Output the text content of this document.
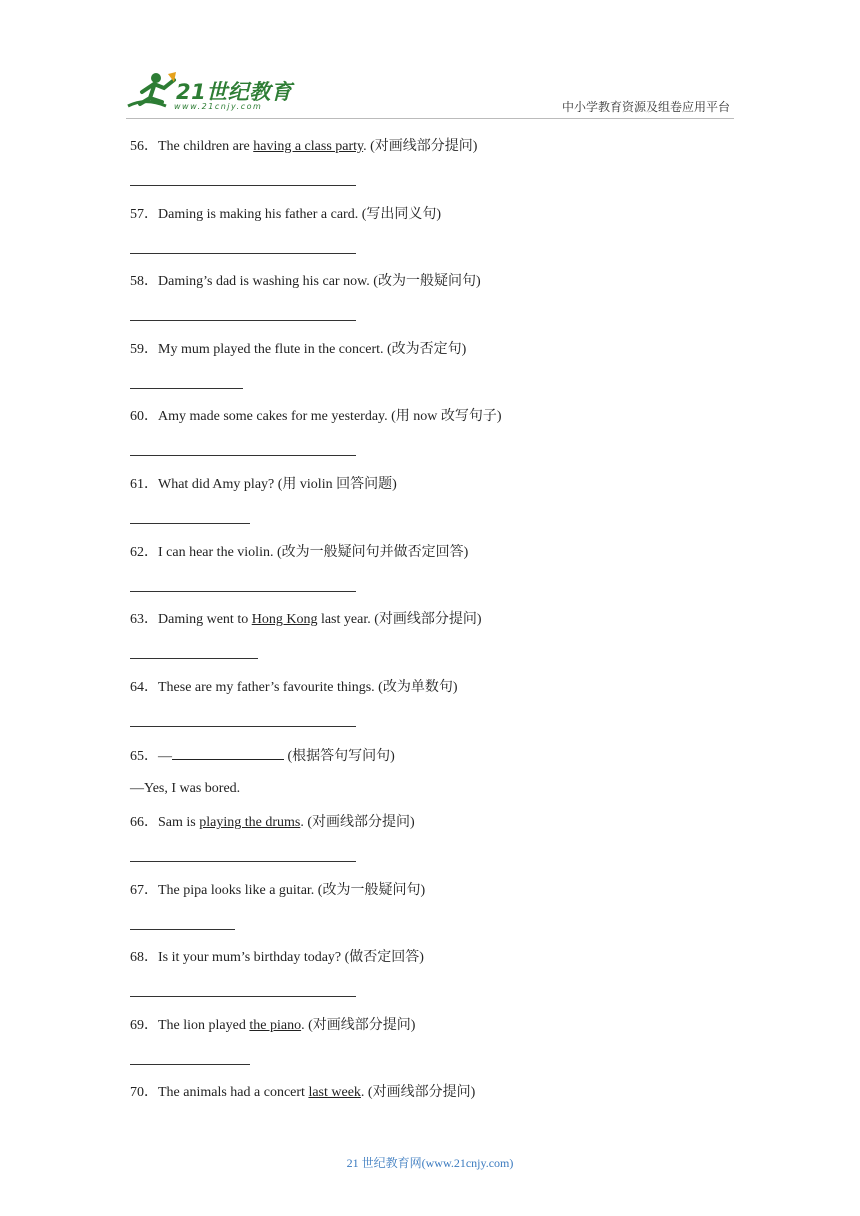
21世纪教育
www.21cnjy.com	中小学教育资源及组卷应用平台
56．The children are having a class party. (对画线部分提问)
57．Daming is making his father a card. (写出同义句)
58．Daming’s dad is washing his car now. (改为一般疑问句)
59．My mum played the flute in the concert. (改为否定句)
60．Amy made some cakes for me yesterday. (用 now 改写句子)
61．What did Amy play? (用 violin 回答问题)
62．I can hear the violin. (改为一般疑问句并做否定回答)
63．Daming went to Hong Kong last year. (对画线部分提问)
64．These are my father’s favourite things. (改为单数句)
65．—	(根据答句写问句)
—Yes, I was bored.
66．Sam is playing the drums. (对画线部分提问)
67．The pipa looks like a guitar. (改为一般疑问句)
68．Is it your mum’s birthday today? (做否定回答)
69．The lion played the piano. (对画线部分提问)
70．The animals had a concert last week. (对画线部分提问)
21 世纪教育网(www.21cnjy.com)
